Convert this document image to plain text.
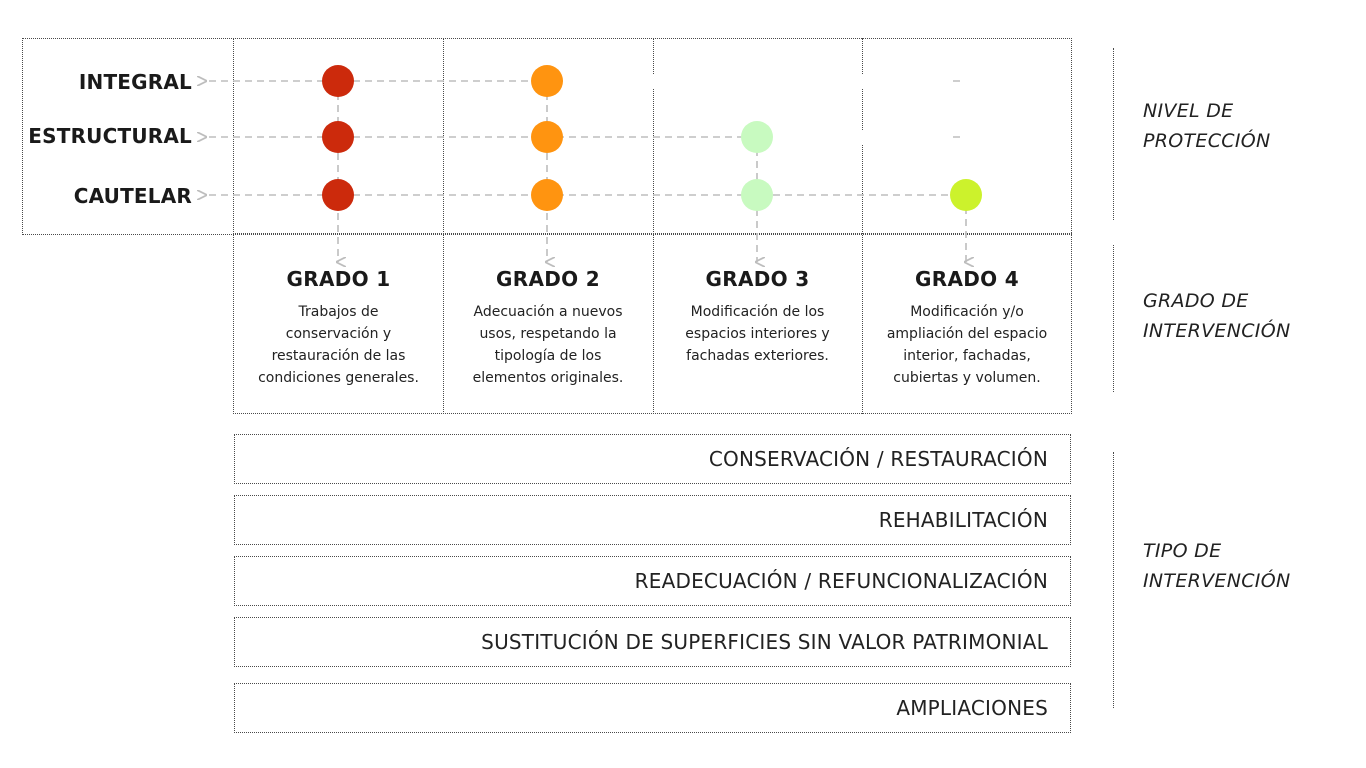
INTEGRAL
ESTRUCTURAL
CAUTELAR
GRADO 1
Trabajos de
conservación y
restauración de las
condiciones generales.
GRADO 2
Adecuación a nuevos
usos, respetando la
tipología de los
elementos originales.
GRADO 3
Modificación de los
espacios interiores y
fachadas exteriores.
GRADO 4
Modificación y/o
ampliación del espacio
interior, fachadas,
cubiertas y volumen.
CONSERVACIÓN / RESTAURACIÓN
REHABILITACIÓN
READECUACIÓN / REFUNCIONALIZACIÓN
SUSTITUCIÓN DE SUPERFICIES SIN VALOR PATRIMONIAL
AMPLIACIONES
NIVEL DE
PROTECCIÓN
GRADO DE
INTERVENCIÓN
TIPO DE
INTERVENCIÓN
